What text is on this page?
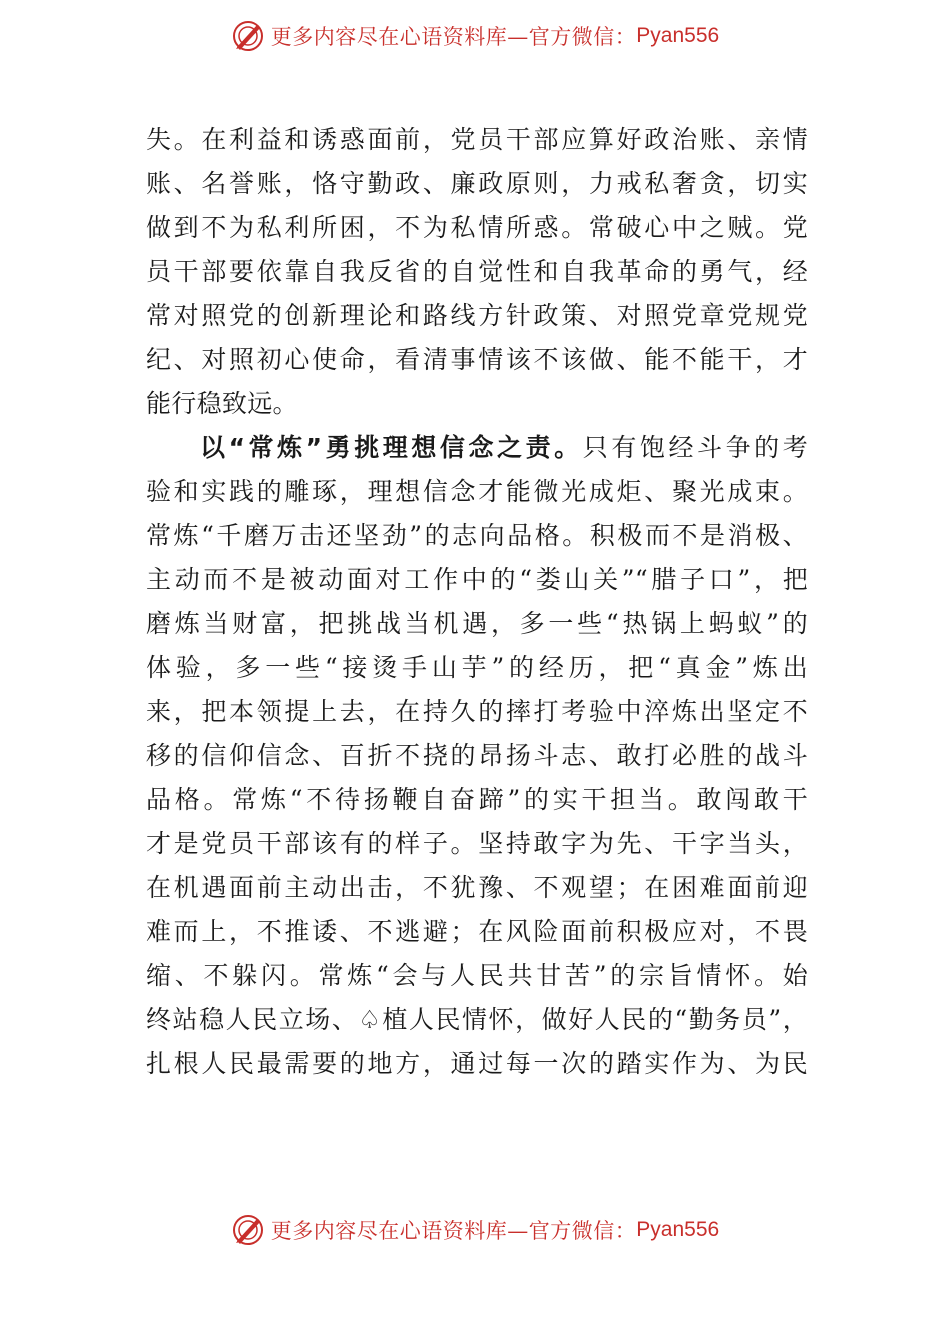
更多内容尽在心语资料库—官方微信： Pyan556
失。在利益和诱惑面前，党员干部应算好政治账、亲情
账、名誉账，恪守勤政、廉政原则，力戒私奢贪，切实
做到不为私利所困，不为私情所惑。常破心中之贼。党
员干部要依靠自我反省的自觉性和自我革命的勇气，经
常对照党的创新理论和路线方针政策、对照党章党规党
纪、对照初心使命，看清事情该不该做、能不能干，才
能行稳致远。
以“常炼”勇挑理想信念之责。只有饱经斗争的考
验和实践的雕琢，理想信念才能微光成炬、聚光成束。
常炼“千磨万击还坚劲”的志向品格。积极而不是消极、
主动而不是被动面对工作中的“娄山关”“腊子口”，把
磨炼当财富，把挑战当机遇，多一些“热锅上蚂蚁”的
体验，多一些“接烫手山芋”的经历，把“真金”炼出
来，把本领提上去，在持久的摔打考验中淬炼出坚定不
移的信仰信念、百折不挠的昂扬斗志、敢打必胜的战斗
品格。常炼“不待扬鞭自奋蹄”的实干担当。敢闯敢干
才是党员干部该有的样子。坚持敢字为先、干字当头，
在机遇面前主动出击，不犹豫、不观望；在困难面前迎
难而上，不推诿、不逃避；在风险面前积极应对，不畏
缩、不躲闪。常炼“会与人民共甘苦”的宗旨情怀。始
终站稳人民立场、♤植人民情怀，做好人民的“勤务员”，
扎根人民最需要的地方，通过每一次的踏实作为、为民
更多内容尽在心语资料库—官方微信： Pyan556
